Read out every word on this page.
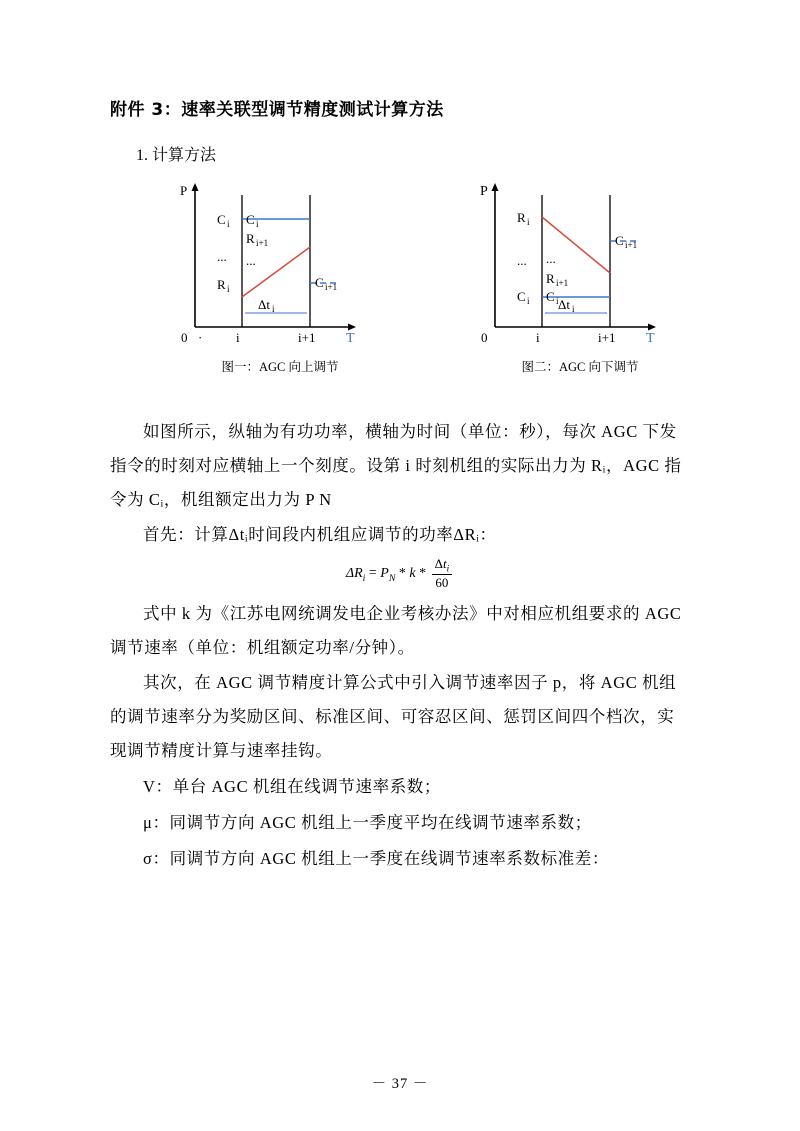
附件 3：速率关联型调节精度测试计算方法
1. 计算方法
P
C i C i
R i+1
... ...
R i	C i+1
Δt i
0 ·	i	i+1 T
图一：AGC 向上调节
P
R i
C i+1
... ...
R i+1
C i C i Δt i
0	i	i+1 T
图二：AGC 向下调节

如图所示，纵轴为有功功率，横轴为时间（单位：秒），每次 AGC 下发指令的时刻对应横轴上一个刻度。设第 i 时刻机组的实际出力为 Rᵢ，AGC 指令为 Cᵢ，机组额定出力为 P N

首先：计算Δtᵢ时间段内机组应调节的功率ΔRᵢ：

$\Delta R_i = P_N * k * \frac{\Delta t_i}{60}$

式中 k 为《江苏电网统调发电企业考核办法》中对相应机组要求的 AGC 调节速率（单位：机组额定功率/分钟）。

其次，在 AGC 调节精度计算公式中引入调节速率因子 p，将 AGC 机组的调节速率分为奖励区间、标准区间、可容忍区间、惩罚区间四个档次，实现调节精度计算与速率挂钩。

V：单台 AGC 机组在线调节速率系数；

μ：同调节方向 AGC 机组上一季度平均在线调节速率系数；

σ：同调节方向 AGC 机组上一季度在线调节速率系数标准差：

－ 37 －
